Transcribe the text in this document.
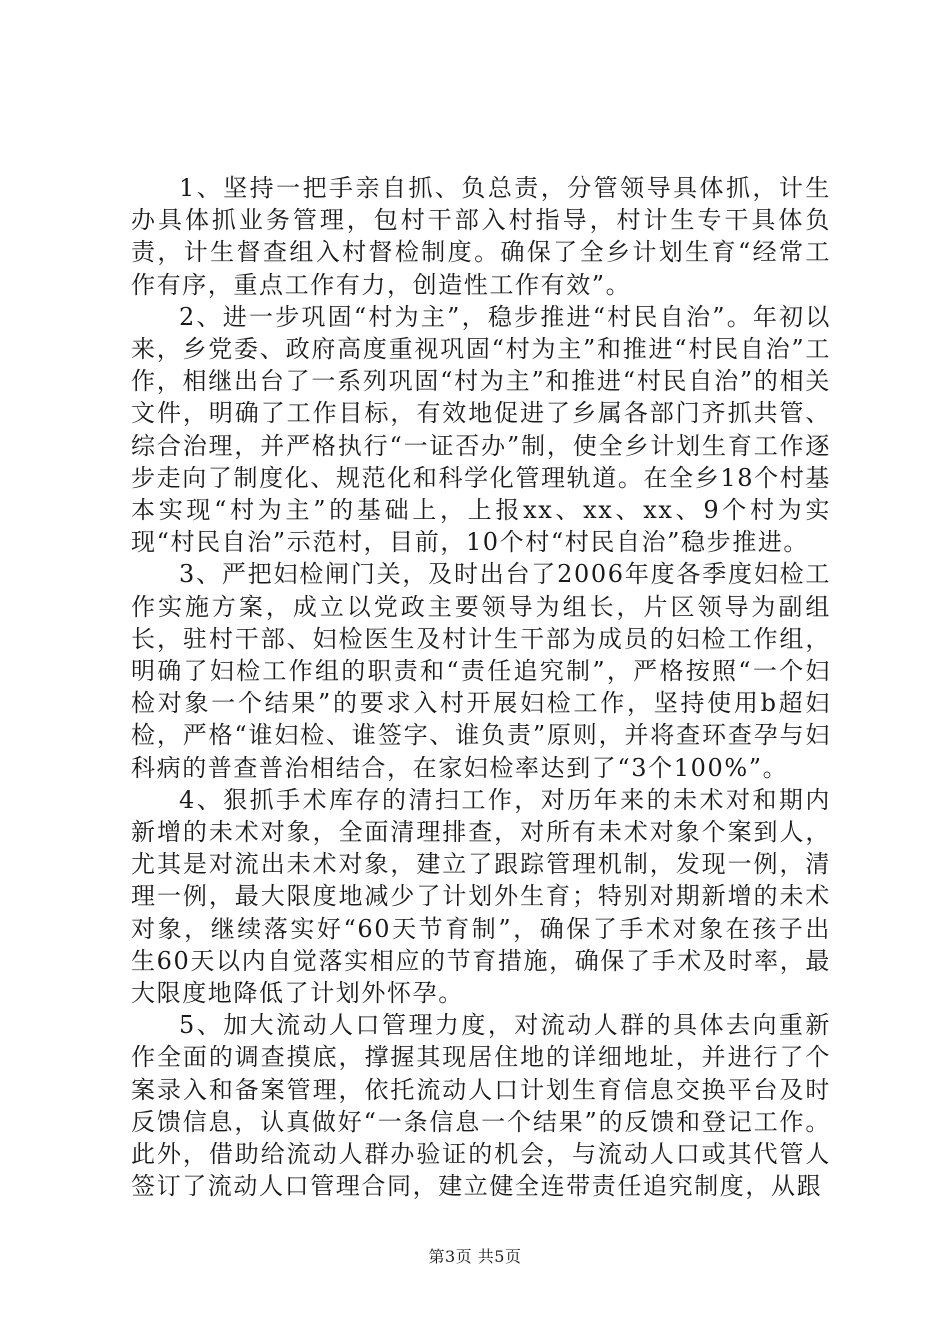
1、坚持一把手亲自抓、负总责，分管领导具体抓，计生办具体抓业务管理，包村干部入村指导，村计生专干具体负责，计生督查组入村督检制度。确保了全乡计划生育“经常工作有序，重点工作有力，创造性工作有效”。

2、进一步巩固“村为主”，稳步推进“村民自治”。年初以来，乡党委、政府高度重视巩固“村为主”和推进“村民自治”工作，相继出台了一系列巩固“村为主”和推进“村民自治”的相关文件，明确了工作目标，有效地促进了乡属各部门齐抓共管、综合治理，并严格执行“一证否办”制，使全乡计划生育工作逐步走向了制度化、规范化和科学化管理轨道。在全乡18个村基本实现“村为主”的基础上，上报xx、xx、xx、9个村为实现“村民自治”示范村，目前，10个村“村民自治”稳步推进。

3、严把妇检闸门关，及时出台了2006年度各季度妇检工作实施方案，成立以党政主要领导为组长，片区领导为副组长，驻村干部、妇检医生及村计生干部为成员的妇检工作组，明确了妇检工作组的职责和“责任追究制”，严格按照“一个妇检对象一个结果”的要求入村开展妇检工作，坚持使用b超妇检，严格“谁妇检、谁签字、谁负责”原则，并将查环查孕与妇科病的普查普治相结合，在家妇检率达到了“3个100%”。

4、狠抓手术库存的清扫工作，对历年来的未术对和期内新增的未术对象，全面清理排查，对所有未术对象个案到人，尤其是对流出未术对象，建立了跟踪管理机制，发现一例，清理一例，最大限度地减少了计划外生育；特别对期新增的未术对象，继续落实好“60天节育制”，确保了手术对象在孩子出生60天以内自觉落实相应的节育措施，确保了手术及时率，最大限度地降低了计划外怀孕。

5、加大流动人口管理力度，对流动人群的具体去向重新作全面的调查摸底，撑握其现居住地的详细地址，并进行了个案录入和备案管理，依托流动人口计划生育信息交换平台及时反馈信息，认真做好“一条信息一个结果”的反馈和登记工作。此外，借助给流动人群办验证的机会，与流动人口或其代管人签订了流动人口管理合同，建立健全连带责任追究制度，从跟

第3页 共5页
